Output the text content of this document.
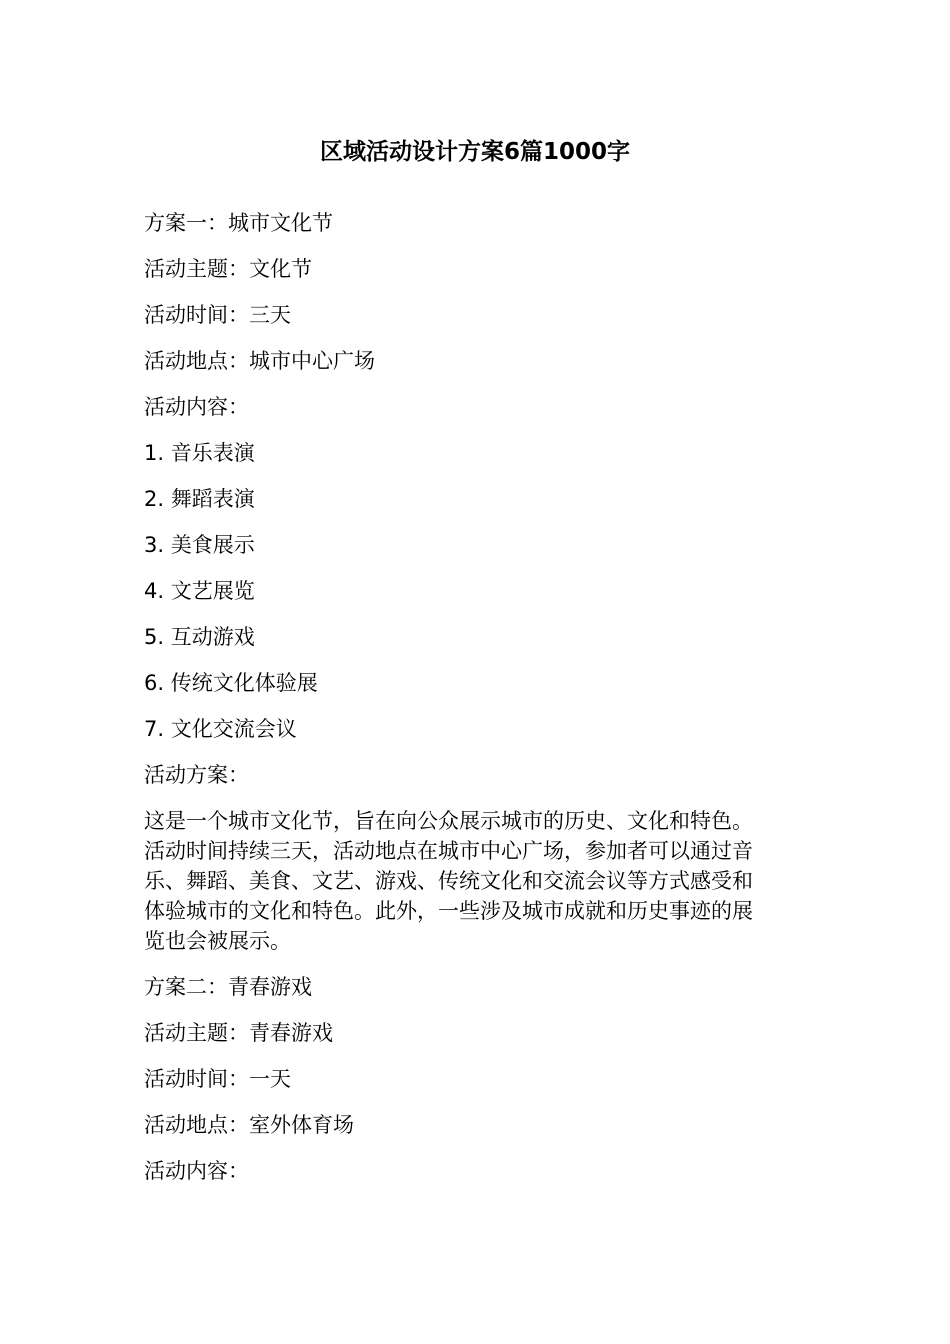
区域活动设计方案6篇1000字
方案一：城市文化节
活动主题：文化节
活动时间：三天
活动地点：城市中心广场
活动内容：
1. 音乐表演
2. 舞蹈表演
3. 美食展示
4. 文艺展览
5. 互动游戏
6. 传统文化体验展
7. 文化交流会议
活动方案：
这是一个城市文化节，旨在向公众展示城市的历史、文化和特色。
活动时间持续三天，活动地点在城市中心广场，参加者可以通过音
乐、舞蹈、美食、文艺、游戏、传统文化和交流会议等方式感受和
体验城市的文化和特色。此外，一些涉及城市成就和历史事迹的展
览也会被展示。
方案二：青春游戏
活动主题：青春游戏
活动时间：一天
活动地点：室外体育场
活动内容：
